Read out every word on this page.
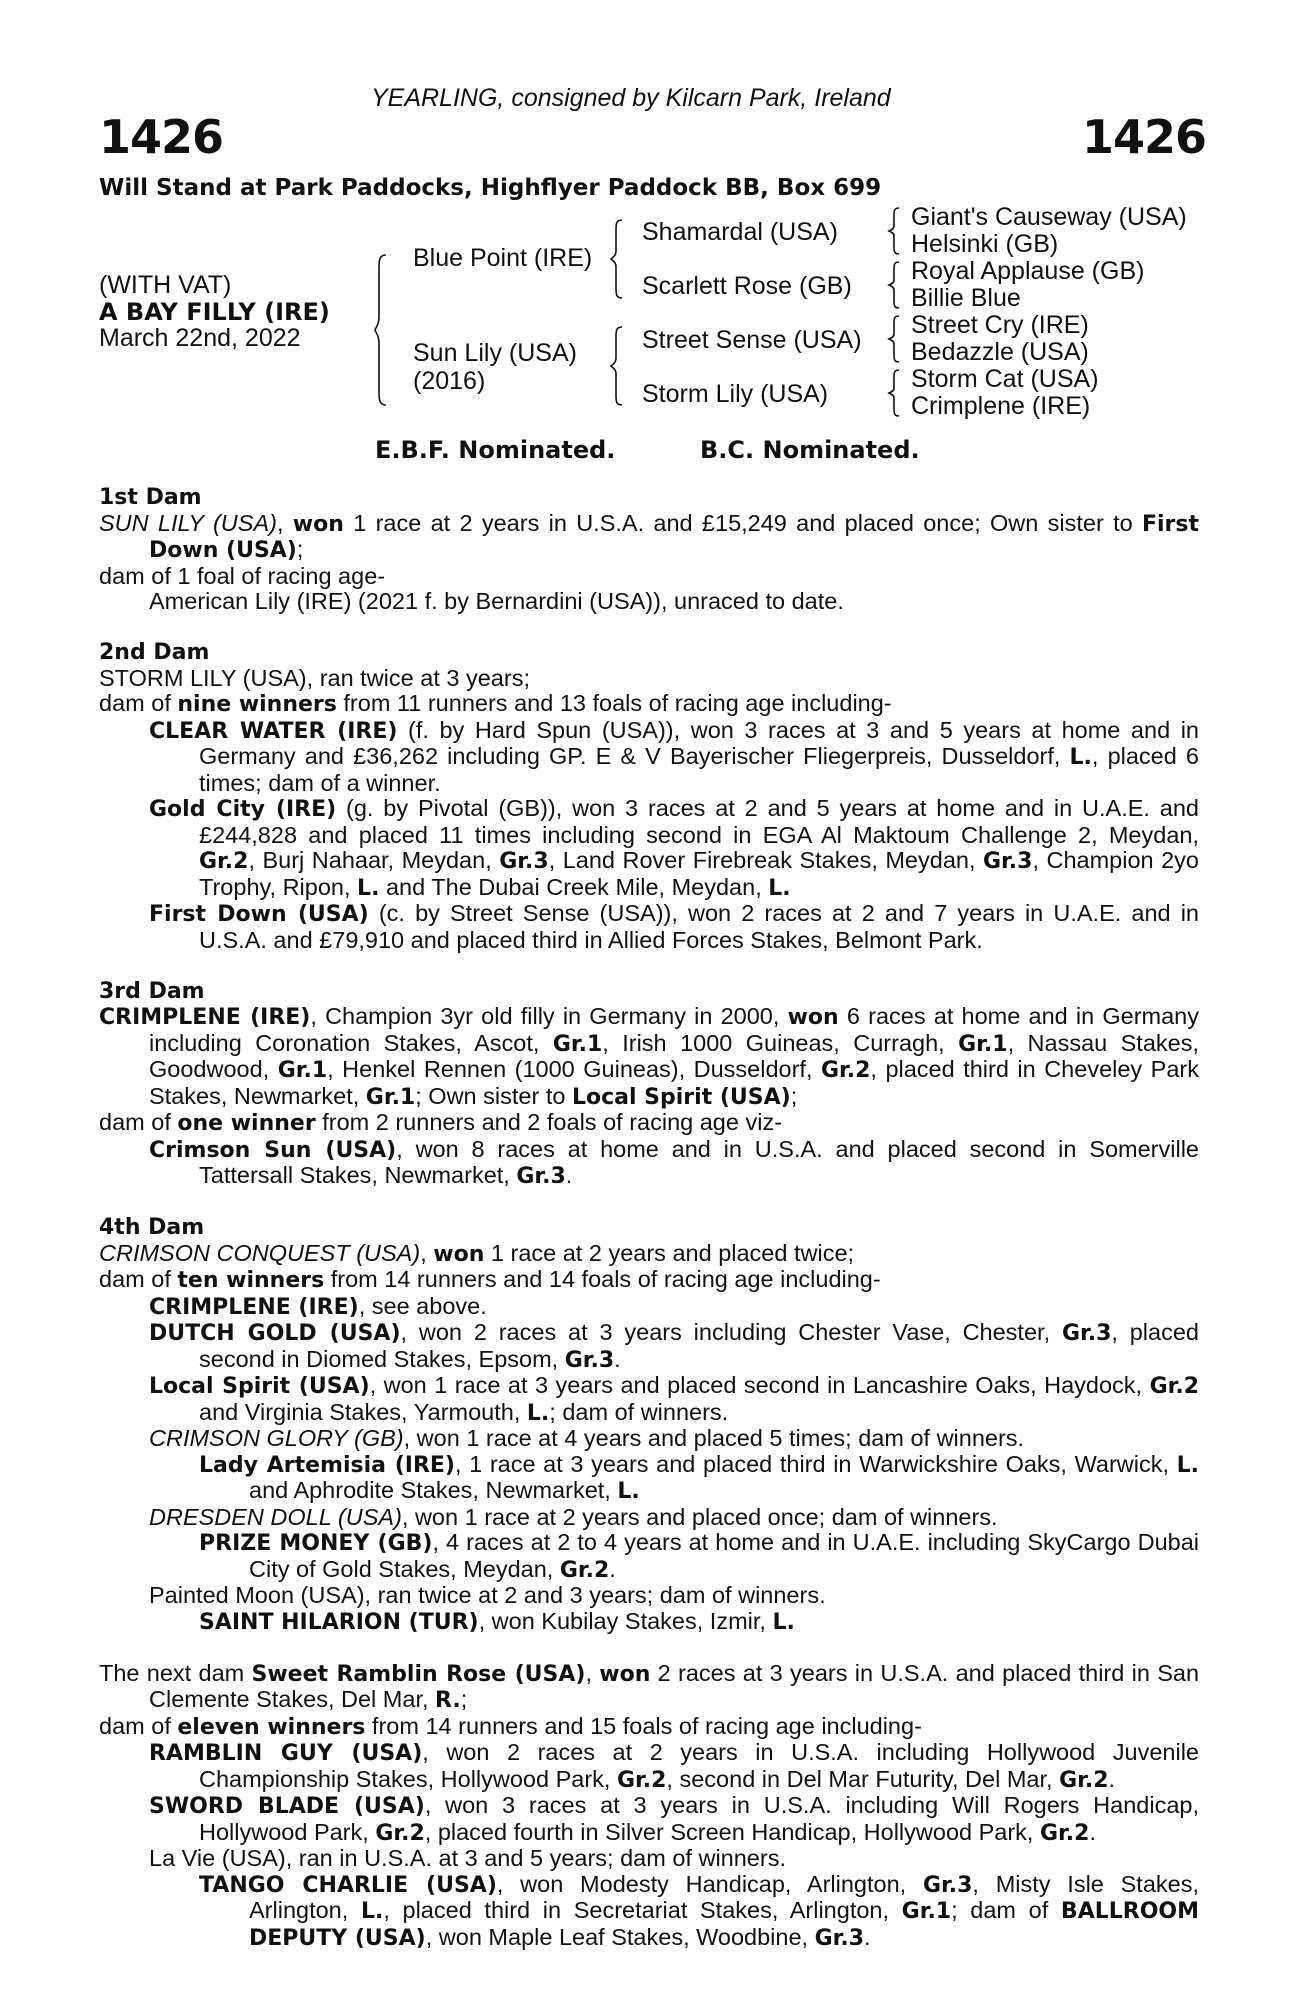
YEARLING, consigned by Kilcarn Park, Ireland
1426	1426
Will Stand at Park Paddocks, Highflyer Paddock BB, Box 699
(WITH VAT)
A BAY FILLY (IRE)
March 22nd, 2022
Blue Point (IRE)
Sun Lily (USA)
(2016)
Shamardal (USA)
Scarlett Rose (GB)
Street Sense (USA)
Storm Lily (USA)
Giant's Causeway (USA)
Helsinki (GB)
Royal Applause (GB)
Billie Blue
Street Cry (IRE)
Bedazzle (USA)
Storm Cat (USA)
Crimplene (IRE)
E.B.F. Nominated.	B.C. Nominated.
1st Dam
SUN LILY (USA), won 1 race at 2 years in U.S.A. and £15,249 and placed once; Own sister to First Down (USA);
dam of 1 foal of racing age-
American Lily (IRE) (2021 f. by Bernardini (USA)), unraced to date.
2nd Dam
STORM LILY (USA), ran twice at 3 years;
dam of nine winners from 11 runners and 13 foals of racing age including-
CLEAR WATER (IRE) (f. by Hard Spun (USA)), won 3 races at 3 and 5 years at home and in Germany and £36,262 including GP. E & V Bayerischer Fliegerpreis, Dusseldorf, L., placed 6 times; dam of a winner.
Gold City (IRE) (g. by Pivotal (GB)), won 3 races at 2 and 5 years at home and in U.A.E. and £244,828 and placed 11 times including second in EGA Al Maktoum Challenge 2, Meydan, Gr.2, Burj Nahaar, Meydan, Gr.3, Land Rover Firebreak Stakes, Meydan, Gr.3, Champion 2yo Trophy, Ripon, L. and The Dubai Creek Mile, Meydan, L.
First Down (USA) (c. by Street Sense (USA)), won 2 races at 2 and 7 years in U.A.E. and in U.S.A. and £79,910 and placed third in Allied Forces Stakes, Belmont Park.
3rd Dam
CRIMPLENE (IRE), Champion 3yr old filly in Germany in 2000, won 6 races at home and in Germany including Coronation Stakes, Ascot, Gr.1, Irish 1000 Guineas, Curragh, Gr.1, Nassau Stakes, Goodwood, Gr.1, Henkel Rennen (1000 Guineas), Dusseldorf, Gr.2, placed third in Cheveley Park Stakes, Newmarket, Gr.1; Own sister to Local Spirit (USA);
dam of one winner from 2 runners and 2 foals of racing age viz-
Crimson Sun (USA), won 8 races at home and in U.S.A. and placed second in Somerville Tattersall Stakes, Newmarket, Gr.3.
4th Dam
CRIMSON CONQUEST (USA), won 1 race at 2 years and placed twice;
dam of ten winners from 14 runners and 14 foals of racing age including-
CRIMPLENE (IRE), see above.
DUTCH GOLD (USA), won 2 races at 3 years including Chester Vase, Chester, Gr.3, placed second in Diomed Stakes, Epsom, Gr.3.
Local Spirit (USA), won 1 race at 3 years and placed second in Lancashire Oaks, Haydock, Gr.2 and Virginia Stakes, Yarmouth, L.; dam of winners.
CRIMSON GLORY (GB), won 1 race at 4 years and placed 5 times; dam of winners.
Lady Artemisia (IRE), 1 race at 3 years and placed third in Warwickshire Oaks, Warwick, L. and Aphrodite Stakes, Newmarket, L.
DRESDEN DOLL (USA), won 1 race at 2 years and placed once; dam of winners.
PRIZE MONEY (GB), 4 races at 2 to 4 years at home and in U.A.E. including SkyCargo Dubai City of Gold Stakes, Meydan, Gr.2.
Painted Moon (USA), ran twice at 2 and 3 years; dam of winners.
SAINT HILARION (TUR), won Kubilay Stakes, Izmir, L.
The next dam Sweet Ramblin Rose (USA), won 2 races at 3 years in U.S.A. and placed third in San Clemente Stakes, Del Mar, R.;
dam of eleven winners from 14 runners and 15 foals of racing age including-
RAMBLIN GUY (USA), won 2 races at 2 years in U.S.A. including Hollywood Juvenile Championship Stakes, Hollywood Park, Gr.2, second in Del Mar Futurity, Del Mar, Gr.2.
SWORD BLADE (USA), won 3 races at 3 years in U.S.A. including Will Rogers Handicap, Hollywood Park, Gr.2, placed fourth in Silver Screen Handicap, Hollywood Park, Gr.2.
La Vie (USA), ran in U.S.A. at 3 and 5 years; dam of winners.
TANGO CHARLIE (USA), won Modesty Handicap, Arlington, Gr.3, Misty Isle Stakes, Arlington, L., placed third in Secretariat Stakes, Arlington, Gr.1; dam of BALLROOM DEPUTY (USA), won Maple Leaf Stakes, Woodbine, Gr.3.
